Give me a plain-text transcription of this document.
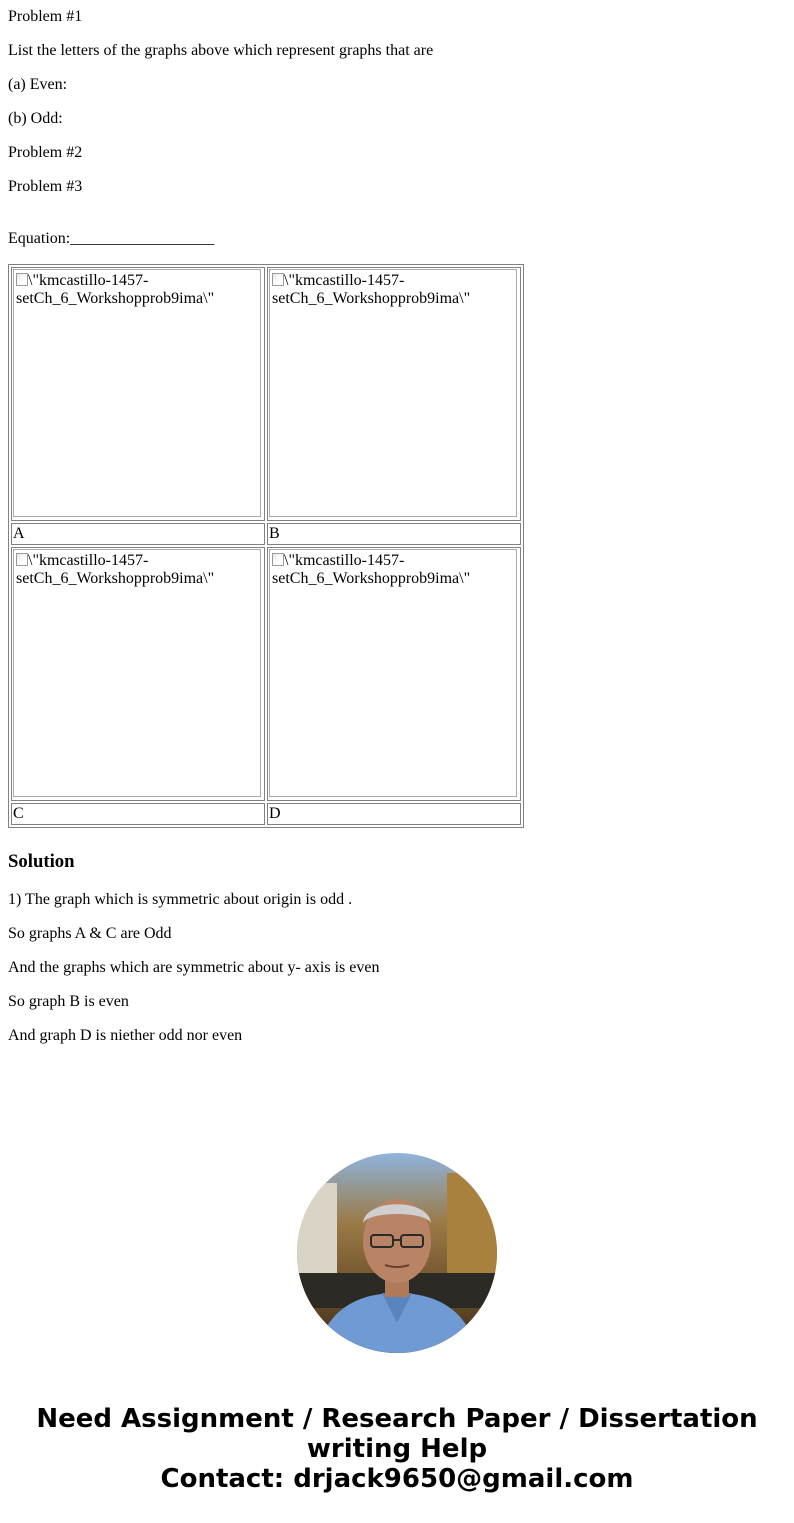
Problem #1
List the letters of the graphs above which represent graphs that are
(a) Even:
(b) Odd:
Problem #2
Problem #3
Equation:__________________
\"kmcastillo-1457-setCh_6_Workshopprob9ima\"	\"kmcastillo-1457-setCh_6_Workshopprob9ima\"

A	B

\"kmcastillo-1457-setCh_6_Workshopprob9ima\"	\"kmcastillo-1457-setCh_6_Workshopprob9ima\"

C	D
Solution
1) The graph which is symmetric about origin is odd .
So graphs A & C are Odd
And the graphs which are symmetric about y- axis is even
So graph B is even
And graph D is niether odd nor even
Need Assignment / Research Paper / Dissertation
writing Help
Contact: drjack9650@gmail.com
